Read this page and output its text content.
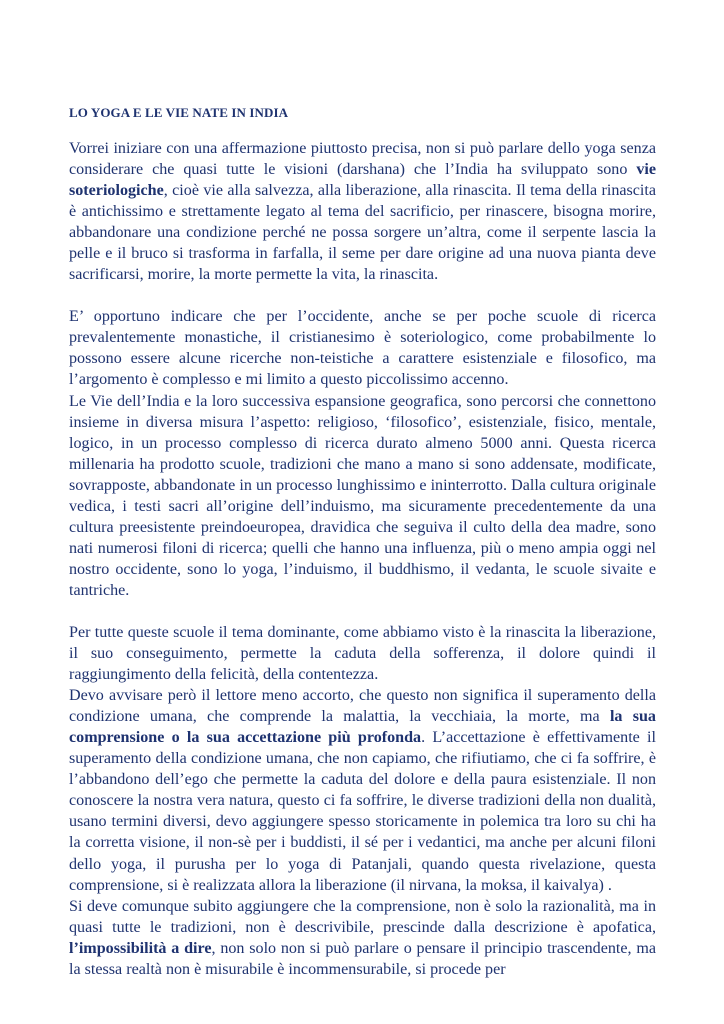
LO YOGA E LE VIE NATE IN INDIA

Vorrei iniziare con una affermazione piuttosto precisa, non si può parlare dello yoga senza considerare che quasi tutte le visioni (darshana) che l’India ha sviluppato sono vie soteriologiche, cioè vie alla salvezza, alla liberazione, alla rinascita. Il tema della rinascita è antichissimo e strettamente legato al tema del sacrificio, per rinascere, bisogna morire, abbandonare una condizione perché ne possa sorgere un’altra, come il serpente lascia la pelle e il bruco si trasforma in farfalla, il seme per dare origine ad una nuova pianta deve sacrificarsi, morire, la morte permette la vita, la rinascita.

E’ opportuno indicare che per l’occidente, anche se per poche scuole di ricerca prevalentemente monastiche, il cristianesimo è soteriologico, come probabilmente lo possono essere alcune ricerche non-teistiche a carattere esistenziale e filosofico, ma l’argomento è complesso e mi limito a questo piccolissimo accenno.

Le Vie dell’India e la loro successiva espansione geografica, sono percorsi che connettono insieme in diversa misura l’aspetto: religioso, ‘filosofico’, esistenziale, fisico, mentale, logico, in un processo complesso di ricerca durato almeno 5000 anni. Questa ricerca millenaria ha prodotto scuole, tradizioni che mano a mano si sono addensate, modificate, sovrapposte, abbandonate in un processo lunghissimo e ininterrotto. Dalla cultura originale vedica, i testi sacri all’origine dell’induismo, ma sicuramente precedentemente da una cultura preesistente preindoeuropea, dravidica che seguiva il culto della dea madre, sono nati numerosi filoni di ricerca; quelli che hanno una influenza, più o meno ampia oggi nel nostro occidente, sono lo yoga, l’induismo, il buddhismo, il vedanta, le scuole sivaite e tantriche.

Per tutte queste scuole il tema dominante, come abbiamo visto è la rinascita la liberazione, il suo conseguimento, permette la caduta della sofferenza, il dolore quindi il raggiungimento della felicità, della contentezza.

Devo avvisare però il lettore meno accorto, che questo non significa il superamento della condizione umana, che comprende la malattia, la vecchiaia, la morte, ma la sua comprensione o la sua accettazione più profonda. L’accettazione è effettivamente il superamento della condizione umana, che non capiamo, che rifiutiamo, che ci fa soffrire, è l’abbandono dell’ego che permette la caduta del dolore e della paura esistenziale. Il non conoscere la nostra vera natura, questo ci fa soffrire, le diverse tradizioni della non dualità, usano termini diversi, devo aggiungere spesso storicamente in polemica tra loro su chi ha la corretta visione, il non-sè per i buddisti, il sé per i vedantici, ma anche per alcuni filoni dello yoga, il purusha per lo yoga di Patanjali, quando questa rivelazione, questa comprensione, si è realizzata allora la liberazione (il nirvana, la moksa, il kaivalya) .

Si deve comunque subito aggiungere che la comprensione, non è solo la razionalità, ma in quasi tutte le tradizioni, non è descrivibile, prescinde dalla descrizione è apofatica, l’impossibilità a dire, non solo non si può parlare o pensare il principio trascendente, ma la stessa realtà non è misurabile è incommensurabile, si procede per
